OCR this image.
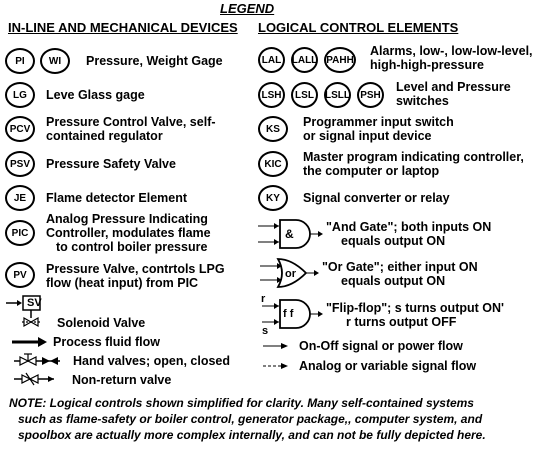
LEGEND
IN-LINE AND MECHANICAL DEVICES LOGICAL CONTROL ELEMENTS
PI	WI	Pressure, Weight Gage
LG	Leve Glass gage
PCV	Pressure Control Valve, self-
contained regulator
PSV	Pressure Safety Valve
JE	Flame detector Element
PIC
Analog Pressure Indicating
Controller, modulates flame
to control boiler pressure
PV	Pressure Valve, contrtols LPG
flow (heat input) from PIC
SV
Solenoid Valve
Process fluid flow
Hand valves; open, closed
Non-return valve
LAL	LALL PAHH
Alarms, low-, low-low-level,
high-high-pressure
LSH	LSL	LSLL	PSH
Level and Pressure
switches
KS	Programmer input switch
or signal input device
KIC	Master program indicating controller,
the computer or laptop
KY	Signal converter or relay
&	"And Gate"; both inputs ON
equals output ON
or "Or Gate"; either input ON
equals output ON
f f
r
s
"Flip-flop"; s turns output ON'
r turns output OFF
On-Off signal or power flow
Analog or variable signal flow
NOTE: Logical controls shown simplified for clarity. Many self-contained systems
such as flame-safety or boiler control, generator package,, computer system, and
spoolbox are actually more complex internally, and can not be fully depicted here.
